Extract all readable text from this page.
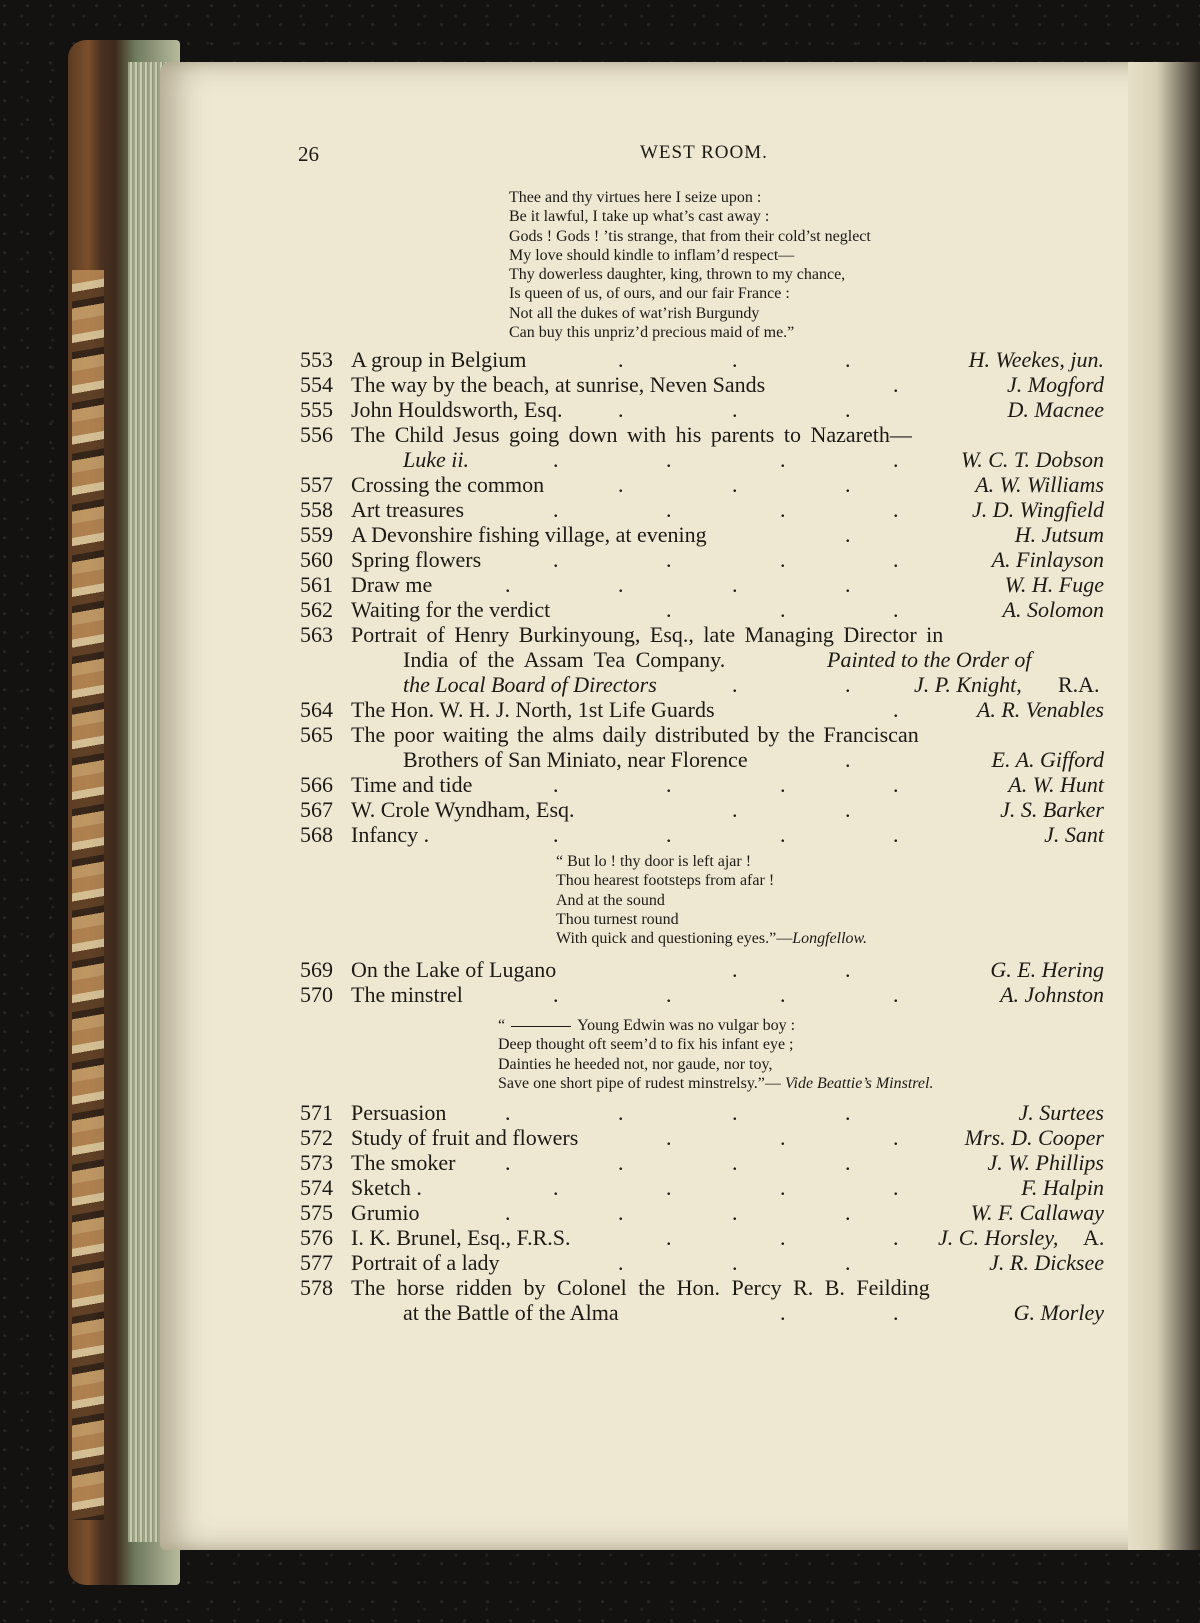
26	WEST ROOM.
Thee and thy virtues here I seize upon :
Be it lawful, I take up what’s cast away :
Gods ! Gods ! ’tis strange, that from their cold’st neglect
My love should kindle to inflam’d respect—
Thy dowerless daughter, king, thrown to my chance,
Is queen of us, of ours, and our fair France :
Not all the dukes of wat’rish Burgundy
Can buy this unpriz’d precious maid of me.”
553 A group in Belgium	.	.	.	H. Weekes, jun.
554 The way by the beach, at sunrise, Neven Sands	.	J. Mogford
555 John Houldsworth, Esq.	.	.	.	D. Macnee
556 The Child Jesus going down with his parents to Nazareth—
Luke ii.	.	.	.	.	W. C. T. Dobson
557 Crossing the common	.	.	.	A. W. Williams
558 Art treasures	.	.	.	.	J. D. Wingfield
559 A Devonshire fishing village, at evening	.	H. Jutsum
560 Spring flowers	.	.	.	.	A. Finlayson
561 Draw me	.	.	.	.	W. H. Fuge
562 Waiting for the verdict	.	.	.	A. Solomon
563 Portrait of Henry Burkinyoung, Esq., late Managing Director in
India of the Assam Tea Company.	Painted to the Order of
the Local Board of Directors	.	.	J. P. Knight, R.A.
564 The Hon. W. H. J. North, 1st Life Guards	.	A. R. Venables
565 The poor waiting the alms daily distributed by the Franciscan
Brothers of San Miniato, near Florence	.	E. A. Gifford
566 Time and tide	.	.	.	.	A. W. Hunt
567 W. Crole Wyndham, Esq.	.	.	J. S. Barker
568 Infancy .	.	.	.	.	J. Sant
“ But lo ! thy door is left ajar !
Thou hearest footsteps from afar !
And at the sound
Thou turnest round
With quick and questioning eyes.”—Longfellow.
569 On the Lake of Lugano	.	.	G. E. Hering
570 The minstrel	.	.	.	.	A. Johnston
“	Young Edwin was no vulgar boy :
Deep thought oft seem’d to fix his infant eye ;
Dainties he heeded not, nor gaude, nor toy,
Save one short pipe of rudest minstrelsy.”— Vide Beattie’s Minstrel.
571 Persuasion	.	.	.	.	J. Surtees
572 Study of fruit and flowers	.	.	.	Mrs. D. Cooper
573 The smoker .	.	.	.	J. W. Phillips
574 Sketch .	.	.	.	.	F. Halpin
575 Grumio	.	.	.	.	W. F. Callaway
576 I. K. Brunel, Esq., F.R.S.	.	.	. J. C. Horsley, A.
577 Portrait of a lady	.	.	.	J. R. Dicksee
578 The horse ridden by Colonel the Hon. Percy R. B. Feilding
at the Battle of the Alma	.	.	G. Morley
